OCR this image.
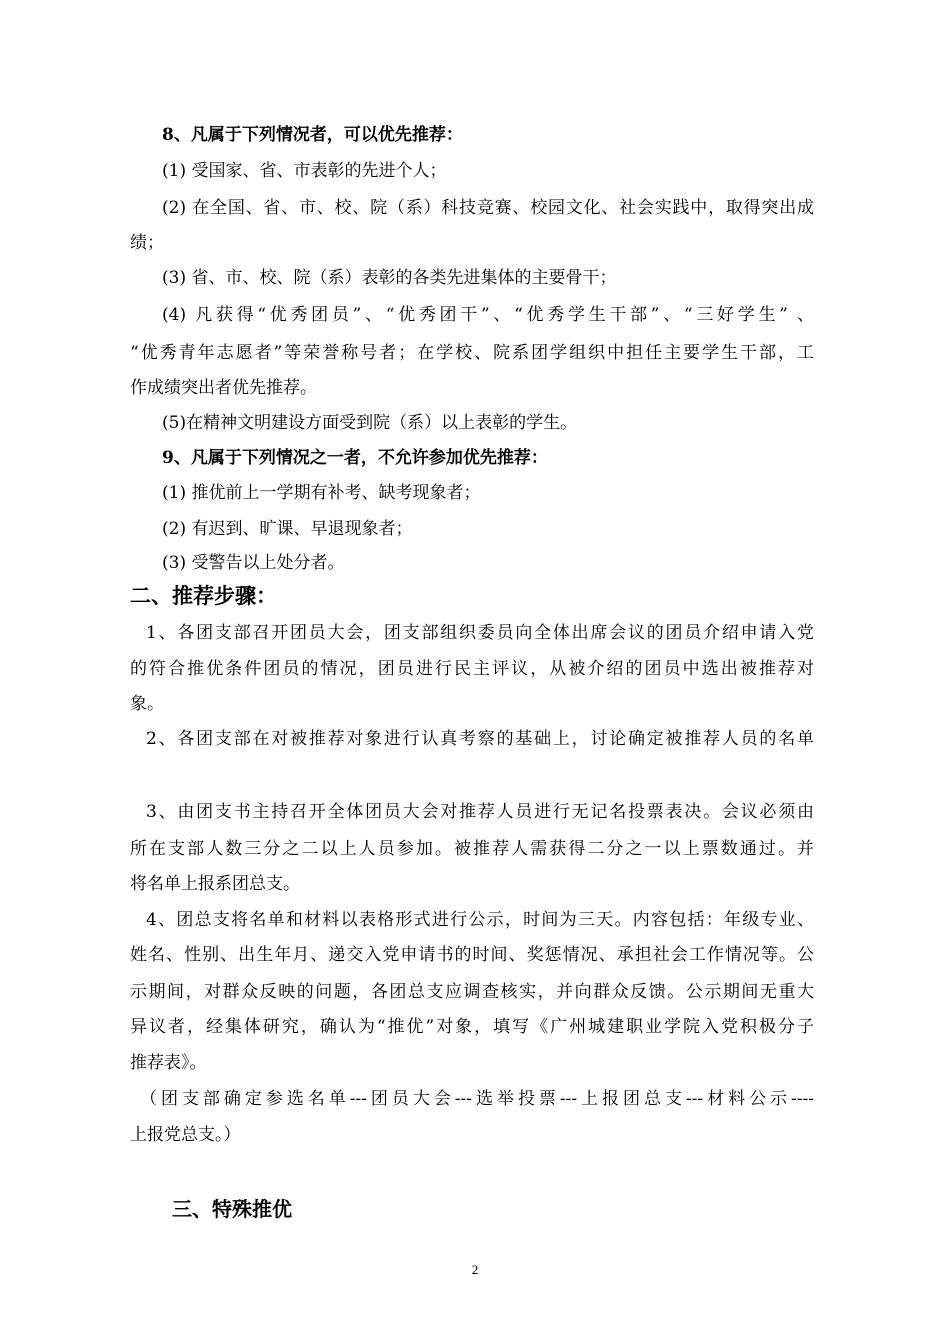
8、凡属于下列情况者，可以优先推荐：
(1) 受国家、省、市表彰的先进个人；
(2) 在全国、省、市、校、院（系）科技竞赛、校园文化、社会实践中，取得突出成
绩；
(3) 省、市、校、院（系）表彰的各类先进集体的主要骨干；
(4) 凡获得“优秀团员”、“优秀团干”、“优秀学生干部”、“三好学生” 、
“优秀青年志愿者”等荣誉称号者；在学校、院系团学组织中担任主要学生干部，工
作成绩突出者优先推荐。
(5)在精神文明建设方面受到院（系）以上表彰的学生。
9、凡属于下列情况之一者，不允许参加优先推荐：
(1) 推优前上一学期有补考、缺考现象者；
(2) 有迟到、旷课、早退现象者；
(3) 受警告以上处分者。
二、推荐步骤：
1、各团支部召开团员大会，团支部组织委员向全体出席会议的团员介绍申请入党
的符合推优条件团员的情况，团员进行民主评议，从被介绍的团员中选出被推荐对
象。
2、各团支部在对被推荐对象进行认真考察的基础上，讨论确定被推荐人员的名单
3、由团支书主持召开全体团员大会对推荐人员进行无记名投票表决。会议必须由
所在支部人数三分之二以上人员参加。被推荐人需获得二分之一以上票数通过。并
将名单上报系团总支。
4、团总支将名单和材料以表格形式进行公示，时间为三天。内容包括：年级专业、
姓名、性别、出生年月、递交入党申请书的时间、奖惩情况、承担社会工作情况等。公
示期间，对群众反映的问题，各团总支应调查核实，并向群众反馈。公示期间无重大
异议者，经集体研究，确认为“推优”对象，填写《广州城建职业学院入党积极分子
推荐表》。
（团支部确定参选名单---团员大会---选举投票---上报团总支---材料公示----
上报党总支。）
三、特殊推优
2
